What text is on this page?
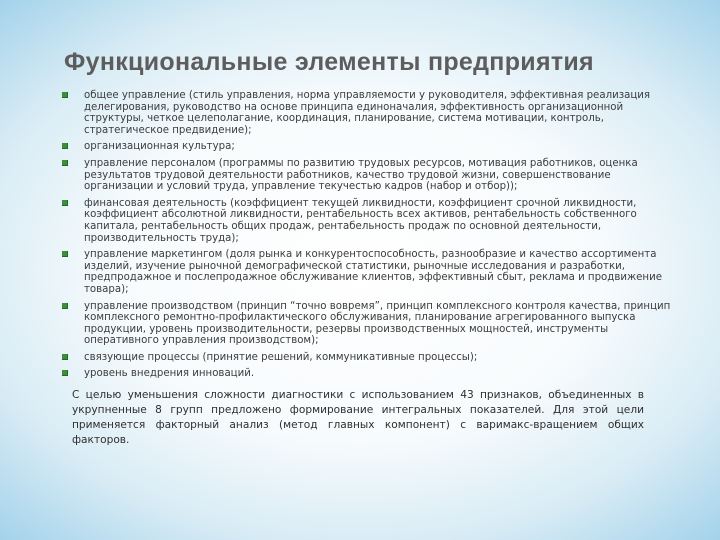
Функциональные элементы предприятия
общее управление (стиль управления, норма управляемости у руководителя, эффективная реализация делегирования, руководство на основе принципа единоначалия, эффективность организационной структуры, четкое целеполагание, координация, планирование, система мотивации, контроль, стратегическое предвидение);
организационная культура;
управление персоналом (программы по развитию трудовых ресурсов, мотивация работников, оценка результатов трудовой деятельности работников, качество трудовой жизни, совершенствование организации и условий труда, управление текучестью кадров (набор и отбор));
финансовая деятельность (коэффициент текущей ликвидности, коэффициент срочной ликвидности, коэффициент абсолютной ликвидности, рентабельность всех активов, рентабельность собственного капитала, рентабельность общих продаж, рентабельность продаж по основной деятельности, производительность труда);
управление маркетингом (доля рынка и конкурентоспособность, разнообразие и качество ассортимента изделий, изучение рыночной демографической статистики, рыночные исследования и разработки, предпродажное и послепродажное обслуживание клиентов, эффективный сбыт, реклама и продвижение товара);
управление производством (принцип “точно вовремя”, принцип комплексного контроля качества, принцип комплексного ремонтно-профилактического обслуживания, планирование агрегированного выпуска продукции, уровень производительности, резервы производственных мощностей, инструменты оперативного управления производством);
связующие процессы (принятие решений, коммуникативные процессы);
уровень внедрения инноваций.

С целью уменьшения сложности диагностики с использованием 43 признаков, объединенных в укрупненные 8 групп предложено формирование интегральных показателей. Для этой цели применяется факторный анализ (метод главных компонент) с варимакс-вращением общих факторов.
